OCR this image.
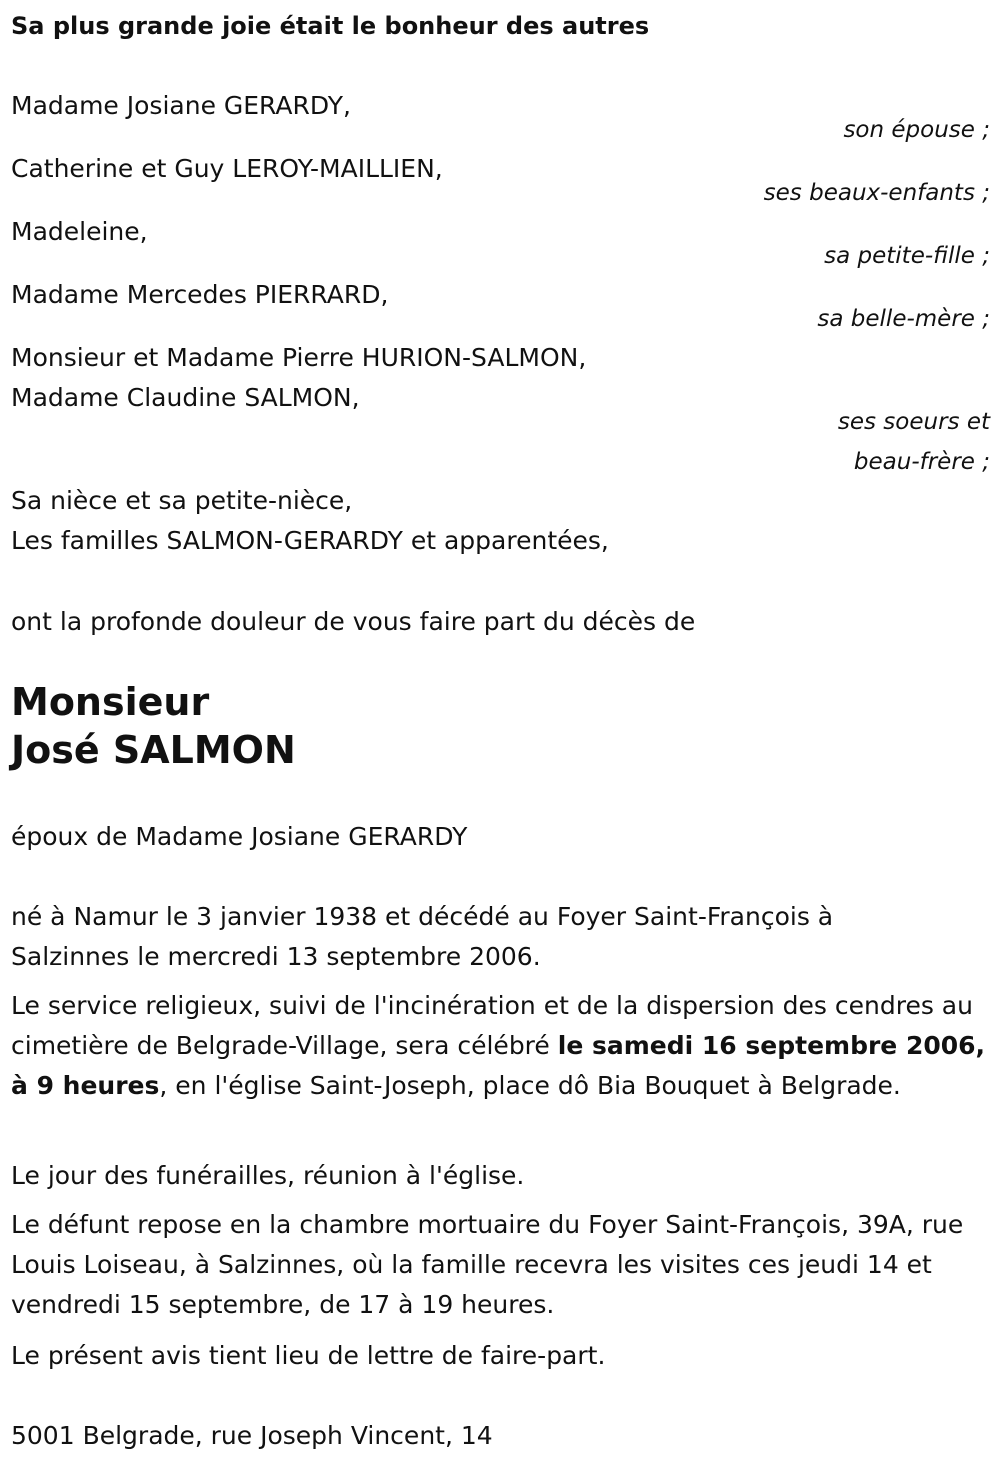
Sa plus grande joie était le bonheur des autres

Madame Josiane GERARDY,

son épouse ;

Catherine et Guy LEROY-MAILLIEN,

ses beaux-enfants ;

Madeleine,

sa petite-fille ;

Madame Mercedes PIERRARD,

sa belle-mère ;

Monsieur et Madame Pierre HURION-SALMON,

Madame Claudine SALMON,

ses soeurs et

beau-frère ;

Sa nièce et sa petite-nièce,

Les familles SALMON-GERARDY et apparentées,

ont la profonde douleur de vous faire part du décès de

Monsieur

José SALMON

époux de Madame Josiane GERARDY

né à Namur le 3 janvier 1938 et décédé au Foyer Saint-François à

Salzinnes le mercredi 13 septembre 2006.

Le service religieux, suivi de l'incinération et de la dispersion des cendres au cimetière de Belgrade-Village, sera célébré le samedi 16 septembre 2006, à 9 heures, en l'église Saint-Joseph, place dô Bia Bouquet à Belgrade.

Le jour des funérailles, réunion à l'église.

Le défunt repose en la chambre mortuaire du Foyer Saint-François, 39A, rue Louis Loiseau, à Salzinnes, où la famille recevra les visites ces jeudi 14 et vendredi 15 septembre, de 17 à 19 heures.

Le présent avis tient lieu de lettre de faire-part.

5001 Belgrade, rue Joseph Vincent, 14
